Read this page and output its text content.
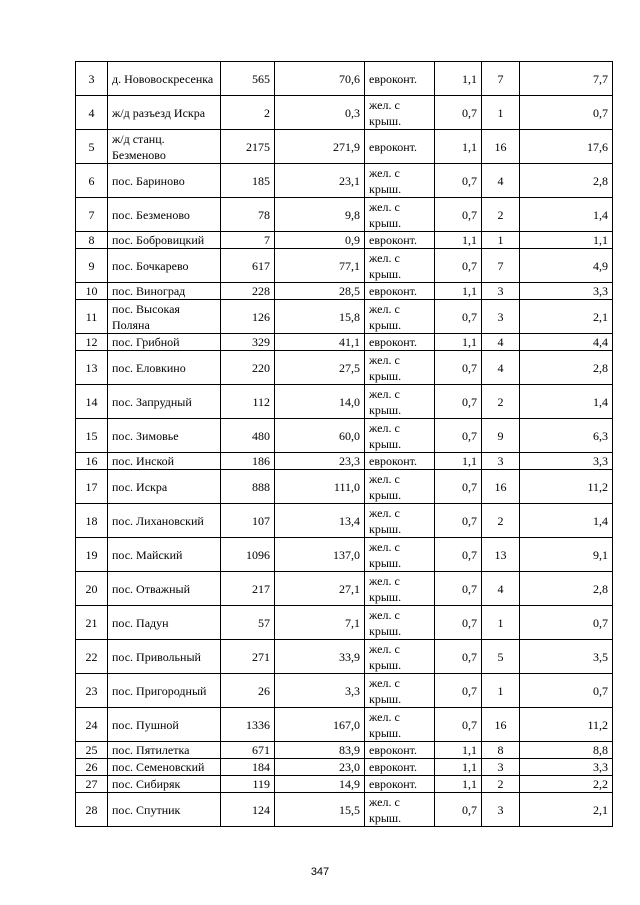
3	д. Нововоскресенка	565	70,6	евроконт.	1,1	7	7,7
4	ж/д разъезд Искра	2	0,3	жел. с крыш.	0,7	1	0,7
5	ж/д станц. Безменово	2175	271,9	евроконт.	1,1	16	17,6
6	пос. Бариново	185	23,1	жел. с крыш.	0,7	4	2,8
7	пос. Безменово	78	9,8	жел. с крыш.	0,7	2	1,4
8	пос. Бобровицкий	7	0,9	евроконт.	1,1	1	1,1
9	пос. Бочкарево	617	77,1	жел. с крыш.	0,7	7	4,9
10	пос. Виноград	228	28,5	евроконт.	1,1	3	3,3
11	пос. Высокая Поляна	126	15,8	жел. с крыш.	0,7	3	2,1
12	пос. Грибной	329	41,1	евроконт.	1,1	4	4,4
13	пос. Еловкино	220	27,5	жел. с крыш.	0,7	4	2,8
14	пос. Запрудный	112	14,0	жел. с крыш.	0,7	2	1,4
15	пос. Зимовье	480	60,0	жел. с крыш.	0,7	9	6,3
16	пос. Инской	186	23,3	евроконт.	1,1	3	3,3
17	пос. Искра	888	111,0	жел. с крыш.	0,7	16	11,2
18	пос. Лихановский	107	13,4	жел. с крыш.	0,7	2	1,4
19	пос. Майский	1096	137,0	жел. с крыш.	0,7	13	9,1
20	пос. Отважный	217	27,1	жел. с крыш.	0,7	4	2,8
21	пос. Падун	57	7,1	жел. с крыш.	0,7	1	0,7
22	пос. Привольный	271	33,9	жел. с крыш.	0,7	5	3,5
23	пос. Пригородный	26	3,3	жел. с крыш.	0,7	1	0,7
24	пос. Пушной	1336	167,0	жел. с крыш.	0,7	16	11,2
25	пос. Пятилетка	671	83,9	евроконт.	1,1	8	8,8
26	пос. Семеновский	184	23,0	евроконт.	1,1	3	3,3
27	пос. Сибиряк	119	14,9	евроконт.	1,1	2	2,2
28	пос. Спутник	124	15,5	жел. с крыш.	0,7	3	2,1
347
